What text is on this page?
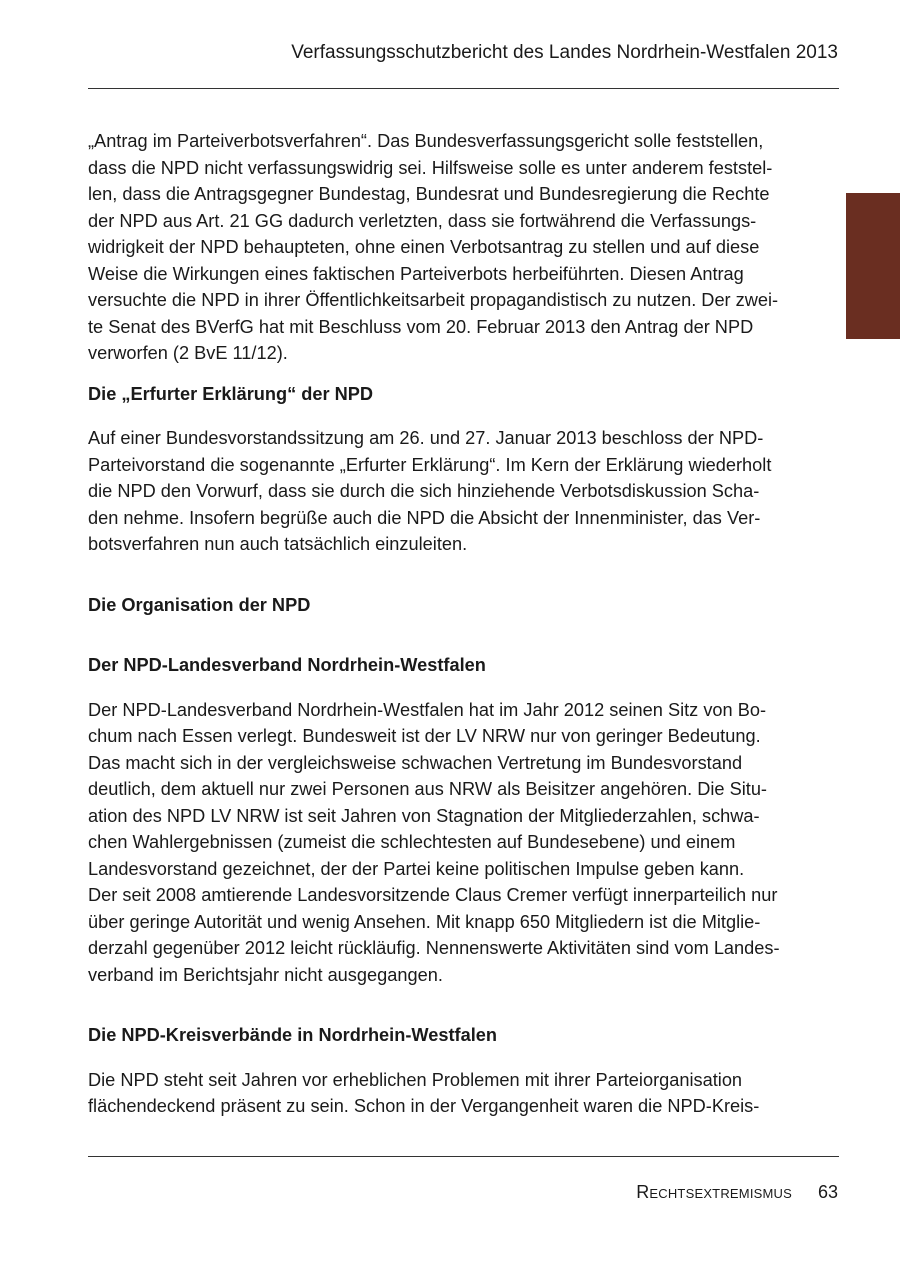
Verfassungsschutzbericht des Landes Nordrhein-Westfalen 2013

„Antrag im Parteiverbotsverfahren“. Das Bundesverfassungsgericht solle feststellen,
dass die NPD nicht verfassungswidrig sei. Hilfsweise solle es unter anderem feststel-
len, dass die Antragsgegner Bundestag, Bundesrat und Bundesregierung die Rechte
der NPD aus Art. 21 GG dadurch verletzten, dass sie fortwährend die Verfassungs-
widrigkeit der NPD behaupteten, ohne einen Verbotsantrag zu stellen und auf diese
Weise die Wirkungen eines faktischen Parteiverbots herbeiführten. Diesen Antrag
versuchte die NPD in ihrer Öffentlichkeitsarbeit propagandistisch zu nutzen. Der zwei-
te Senat des BVerfG hat mit Beschluss vom 20. Februar 2013 den Antrag der NPD
verworfen (2 BvE 11/12).

Die „Erfurter Erklärung“ der NPD

Auf einer Bundesvorstandssitzung am 26. und 27. Januar 2013 beschloss der NPD-
Parteivorstand die sogenannte „Erfurter Erklärung“. Im Kern der Erklärung wiederholt
die NPD den Vorwurf, dass sie durch die sich hinziehende Verbotsdiskussion Scha-
den nehme. Insofern begrüße auch die NPD die Absicht der Innenminister, das Ver-
botsverfahren nun auch tatsächlich einzuleiten.

Die Organisation der NPD
Der NPD-Landesverband Nordrhein-Westfalen

Der NPD-Landesverband Nordrhein-Westfalen hat im Jahr 2012 seinen Sitz von Bo-
chum nach Essen verlegt. Bundesweit ist der LV NRW nur von geringer Bedeutung.
Das macht sich in der vergleichsweise schwachen Vertretung im Bundesvorstand
deutlich, dem aktuell nur zwei Personen aus NRW als Beisitzer angehören. Die Situ-
ation des NPD LV NRW ist seit Jahren von Stagnation der Mitgliederzahlen, schwa-
chen Wahlergebnissen (zumeist die schlechtesten auf Bundesebene) und einem
Landesvorstand gezeichnet, der der Partei keine politischen Impulse geben kann.
Der seit 2008 amtierende Landesvorsitzende Claus Cremer verfügt innerparteilich nur
über geringe Autorität und wenig Ansehen. Mit knapp 650 Mitgliedern ist die Mitglie-
derzahl gegenüber 2012 leicht rückläufig. Nennenswerte Aktivitäten sind vom Landes-
verband im Berichtsjahr nicht ausgegangen.

Die NPD-Kreisverbände in Nordrhein-Westfalen

Die NPD steht seit Jahren vor erheblichen Problemen mit ihrer Parteiorganisation
flächendeckend präsent zu sein. Schon in der Vergangenheit waren die NPD-Kreis-

Rechtsextremismus 63
